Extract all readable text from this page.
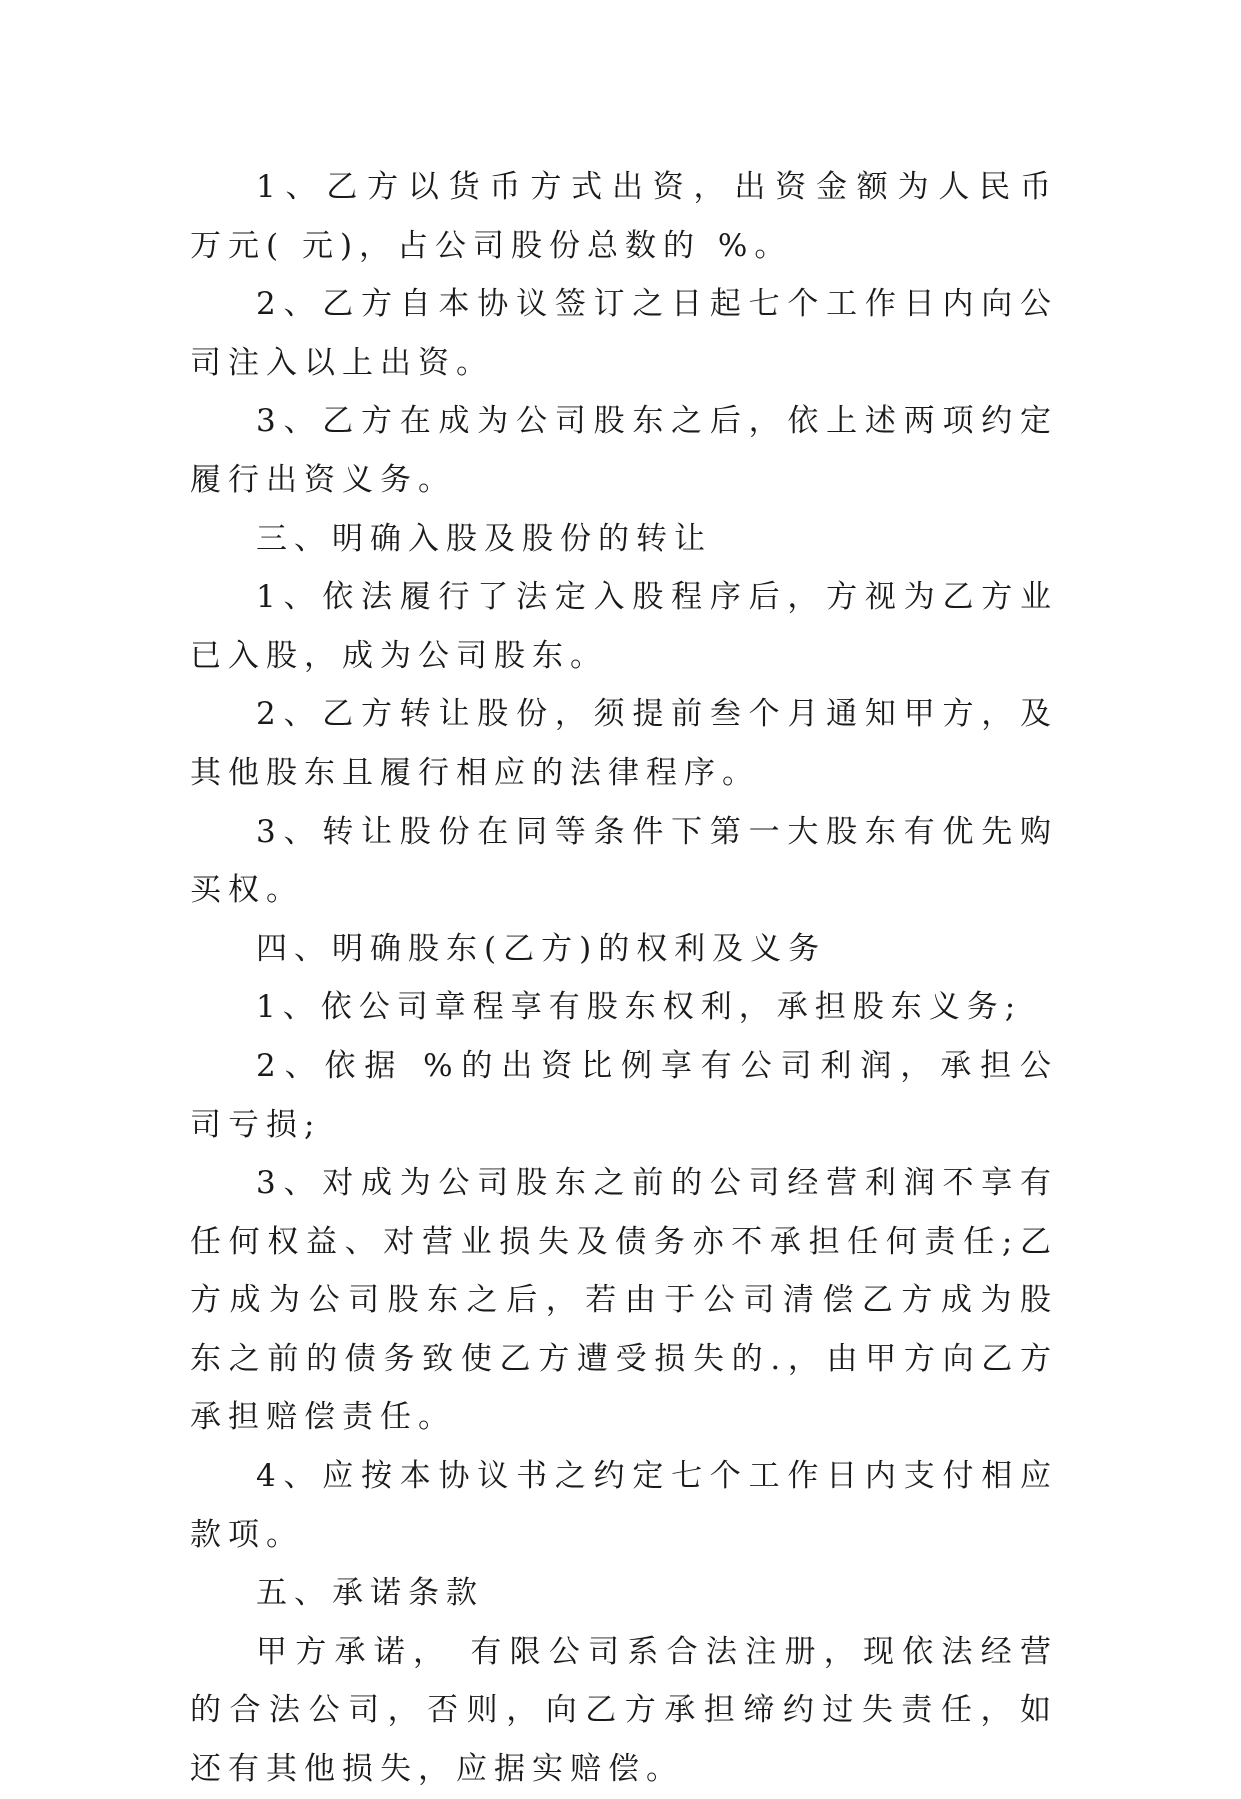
1、乙方以货币方式出资，出资金额为人民币 万元( 元)，占公司股份总数的 %。

2、乙方自本协议签订之日起七个工作日内向公司注入以上出资。

3、乙方在成为公司股东之后，依上述两项约定履行出资义务。

三、明确入股及股份的转让

1、依法履行了法定入股程序后，方视为乙方业已入股，成为公司股东。

2、乙方转让股份，须提前叁个月通知甲方，及其他股东且履行相应的法律程序。

3、转让股份在同等条件下第一大股东有优先购买权。

四、明确股东(乙方)的权利及义务

1、依公司章程享有股东权利，承担股东义务;

2、依据 %的出资比例享有公司利润，承担公司亏损;

3、对成为公司股东之前的公司经营利润不享有任何权益、对营业损失及债务亦不承担任何责任;乙方成为公司股东之后，若由于公司清偿乙方成为股东之前的债务致使乙方遭受损失的.，由甲方向乙方承担赔偿责任。

4、应按本协议书之约定七个工作日内支付相应款项。

五、承诺条款

甲方承诺， 有限公司系合法注册，现依法经营的合法公司，否则，向乙方承担缔约过失责任，如还有其他损失，应据实赔偿。
